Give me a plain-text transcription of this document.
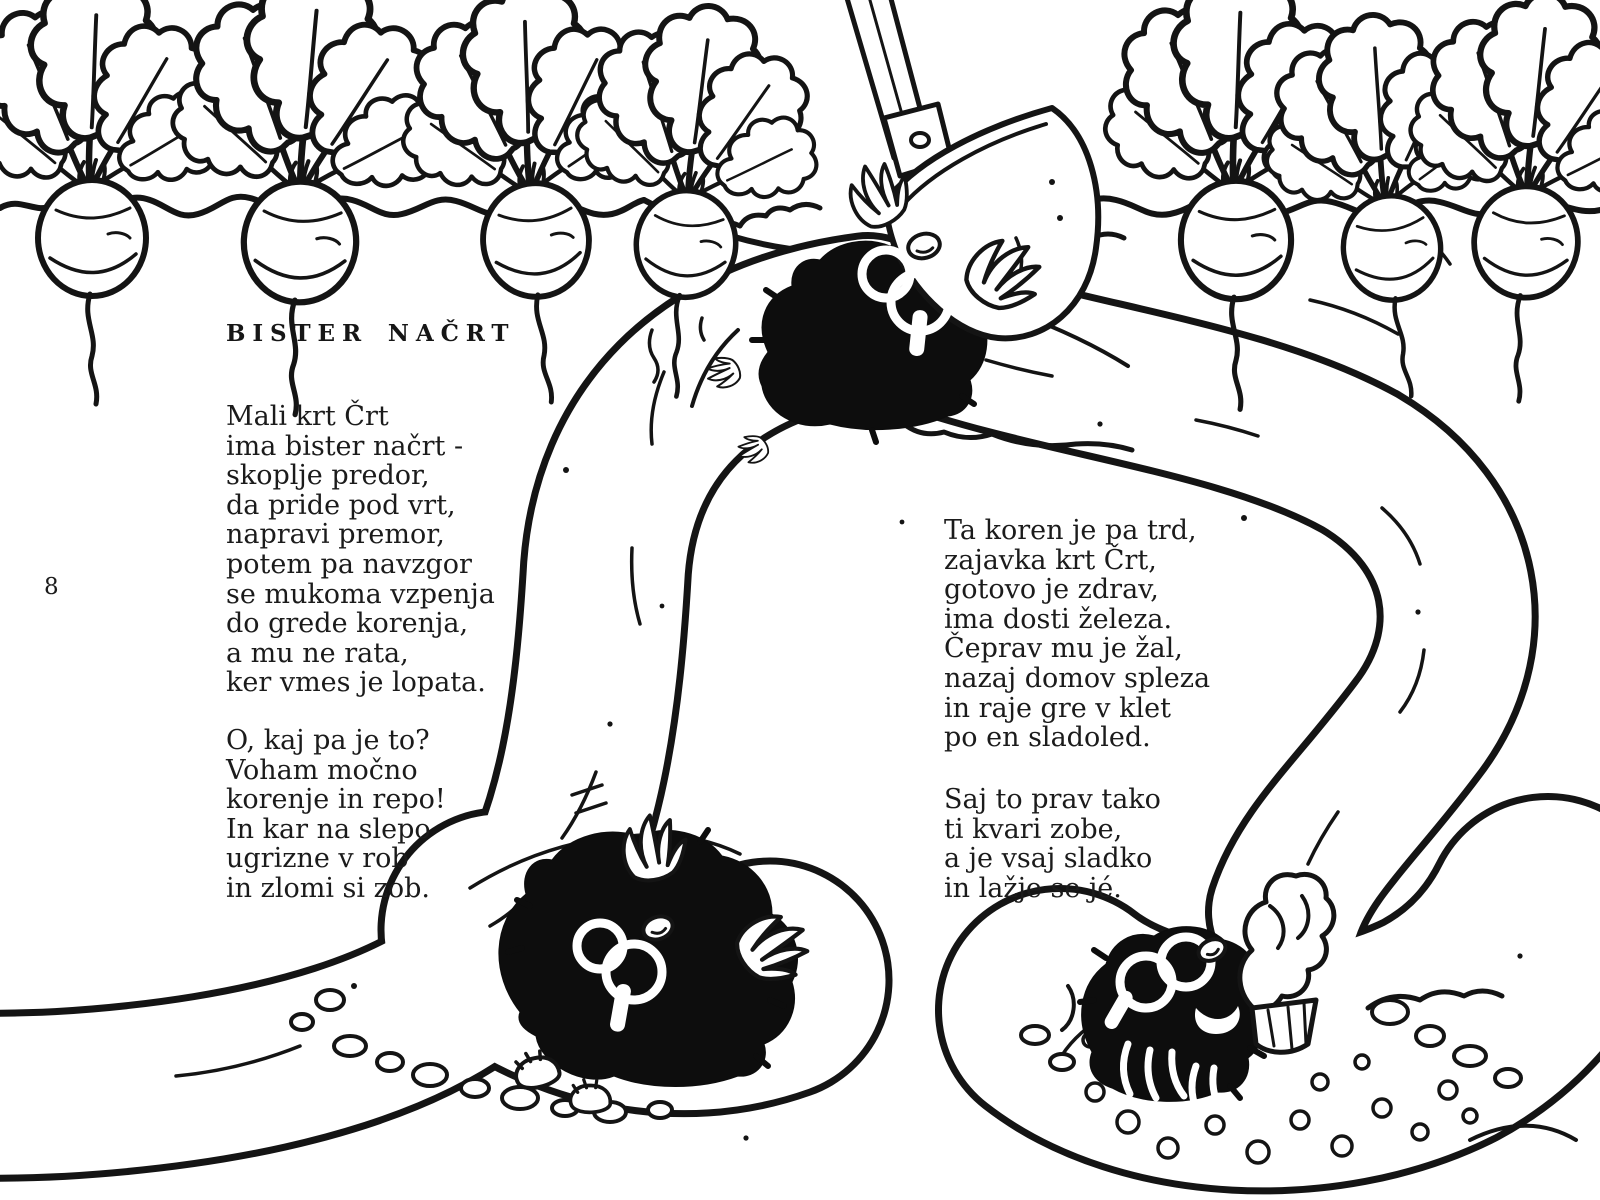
8
BISTER NAČRT
Mali krt Črt
ima bister načrt -
skoplje predor,
da pride pod vrt,
napravi premor,
potem pa navzgor
se mukoma vzpenja
do grede korenja,
a mu ne rata,
ker vmes je lopata.
O, kaj pa je to?
Voham močno
korenje in repo!
In kar na slepo
ugrizne v rob
in zlomi si zob.
Ta koren je pa trd,
zajavka krt Črt,
gotovo je zdrav,
ima dosti železa.
Čeprav mu je žal,
nazaj domov spleza
in raje gre v klet
po en sladoled.
Saj to prav tako
ti kvari zobe,
a je vsaj sladko
in lažje se jé.
